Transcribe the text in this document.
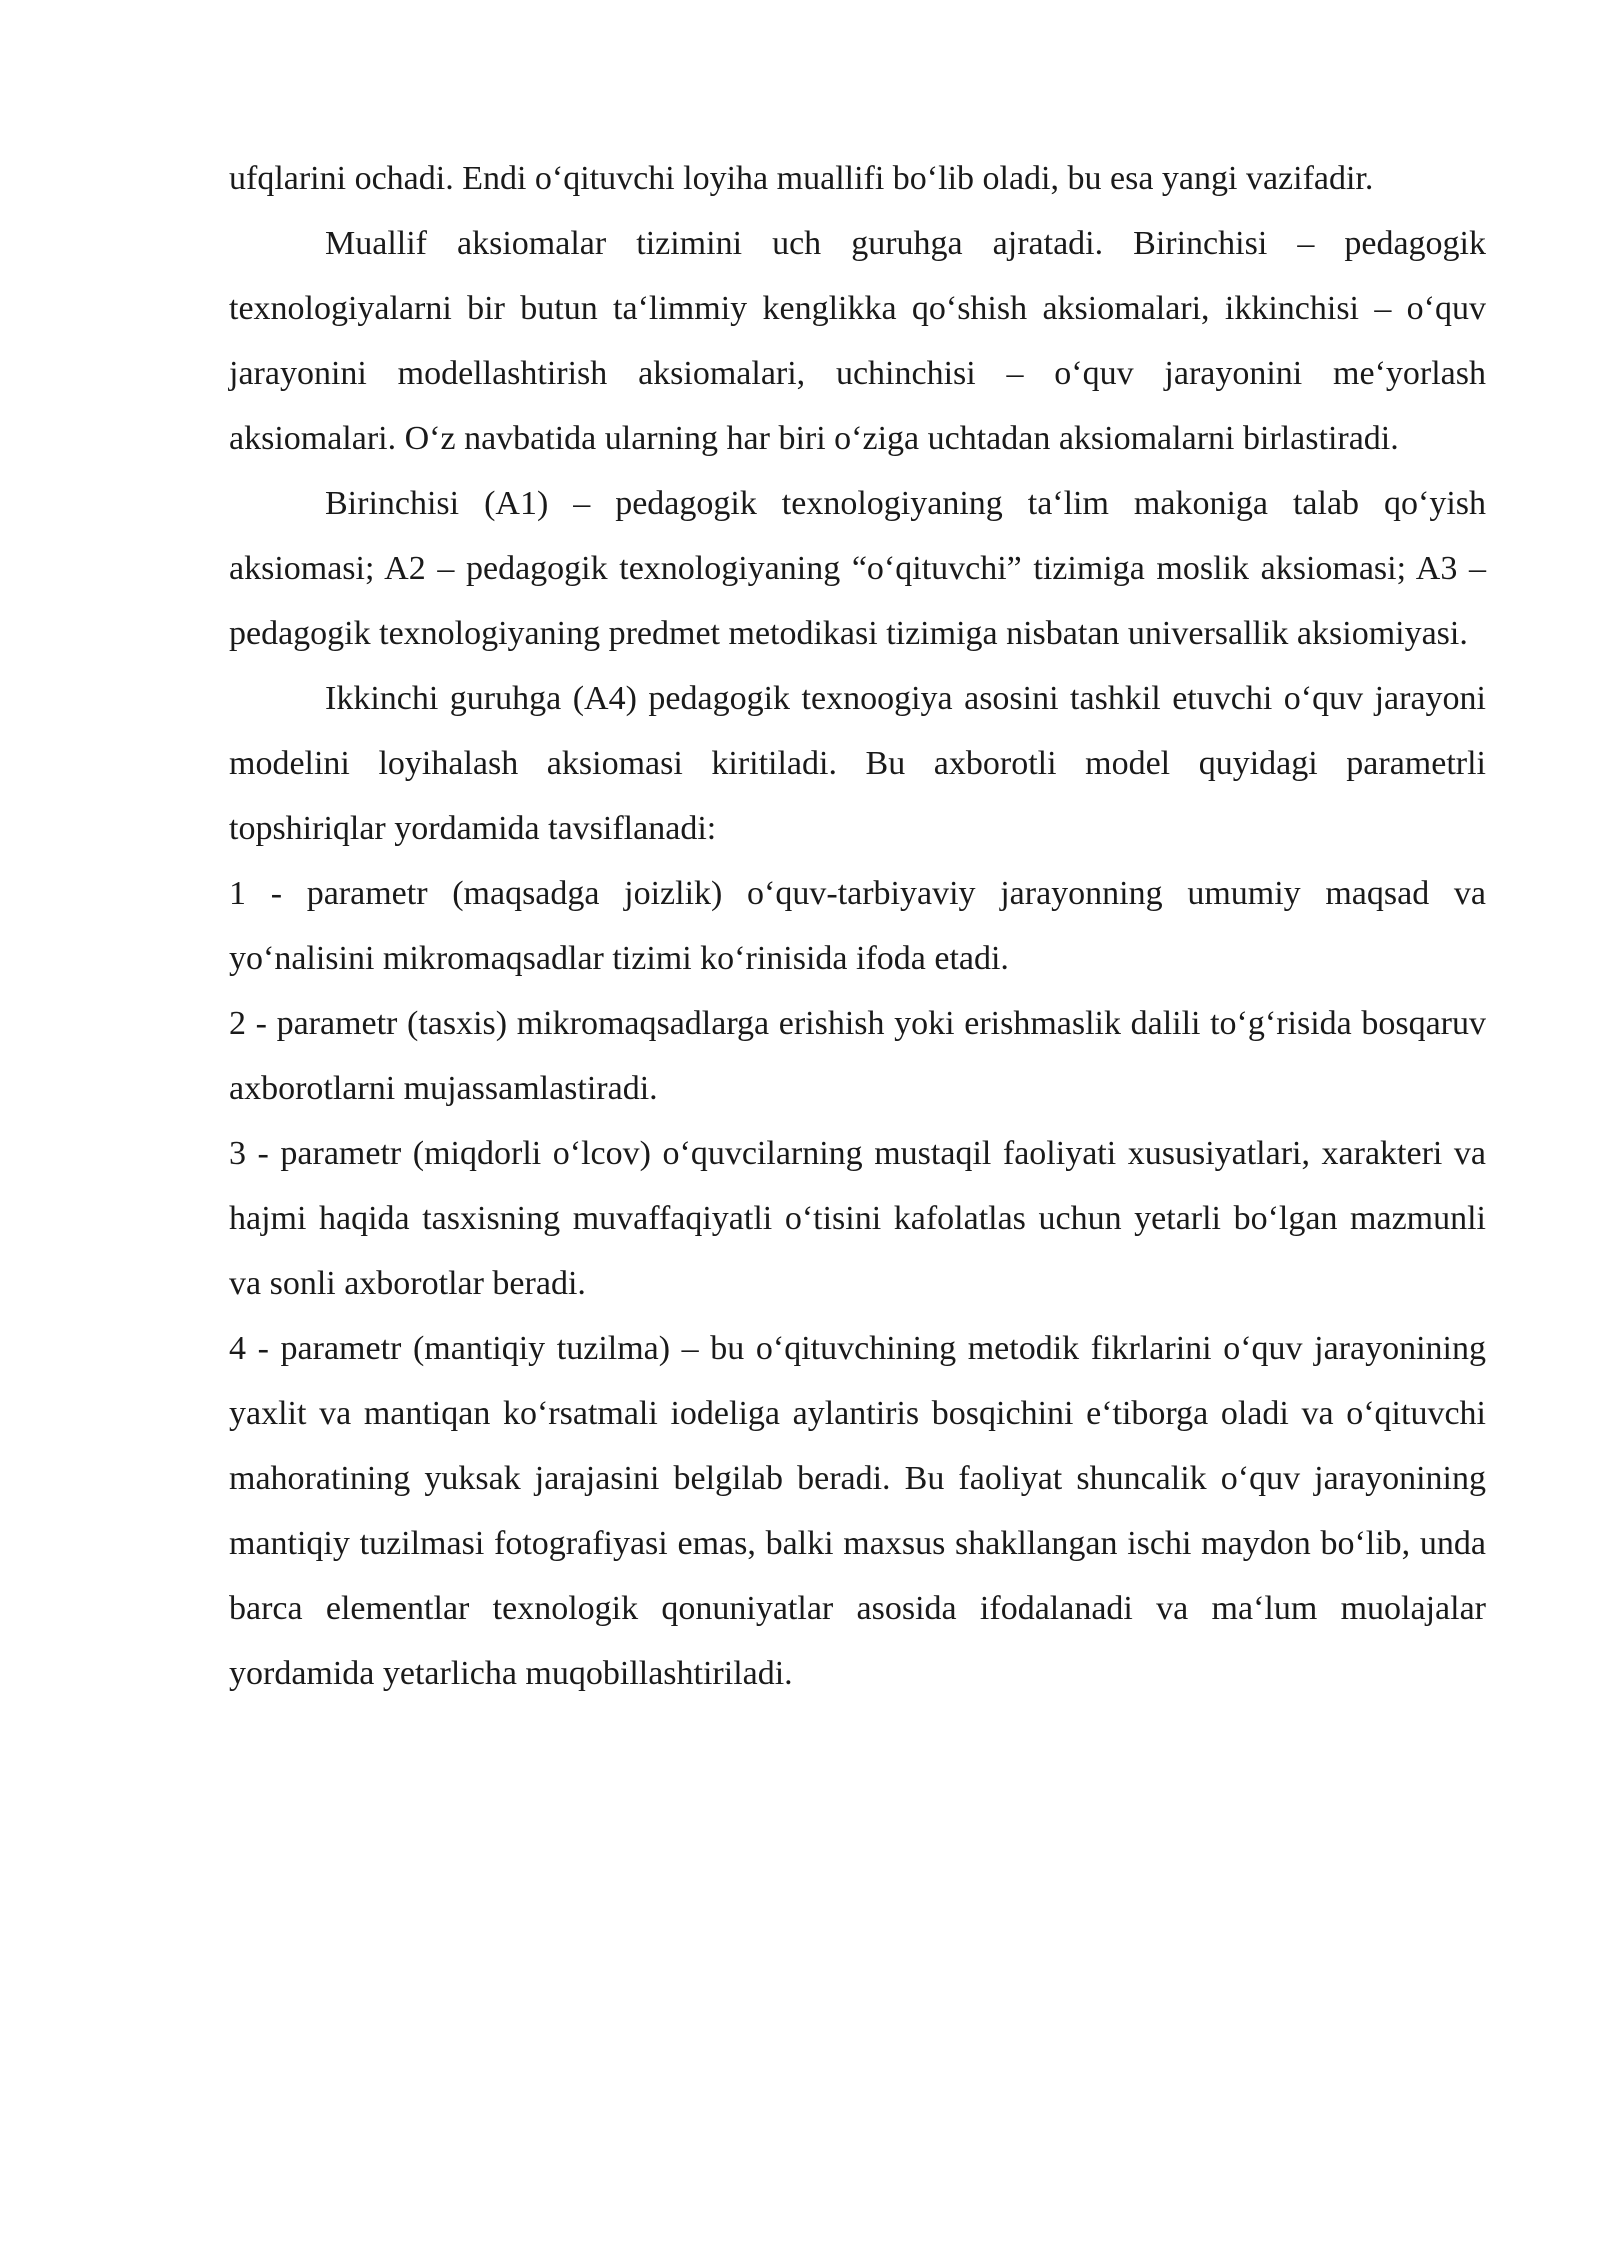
ufqlarini ochadi. Endi o‘qituvchi loyiha muallifi bo‘lib oladi, bu esa yangi vazifadir.

Muallif aksiomalar tizimini uch guruhga ajratadi. Birinchisi – pedagogik texnologiyalarni bir butun ta‘limmiy kenglikka qo‘shish aksiomalari, ikkinchisi – o‘quv jarayonini modellashtirish aksiomalari, uchinchisi – o‘quv jarayonini me‘yorlash aksiomalari. O‘z navbatida ularning har biri o‘ziga uchtadan aksiomalarni birlastiradi.

Birinchisi (A1) – pedagogik texnologiyaning ta‘lim makoniga talab qo‘yish aksiomasi; A2 – pedagogik texnologiyaning “o‘qituvchi” tizimiga moslik aksiomasi; A3 – pedagogik texnologiyaning predmet metodikasi tizimiga nisbatan universallik aksiomiyasi.

Ikkinchi guruhga (A4) pedagogik texnoogiya asosini tashkil etuvchi o‘quv jarayoni modelini loyihalash aksiomasi kiritiladi. Bu axborotli model quyidagi parametrli topshiriqlar yordamida tavsiflanadi:

1 - parametr (maqsadga joizlik) o‘quv-tarbiyaviy jarayonning umumiy maqsad va yo‘nalisini mikromaqsadlar tizimi ko‘rinisida ifoda etadi.

2 - parametr (tasxis) mikromaqsadlarga erishish yoki erishmaslik dalili to‘g‘risida bosqaruv axborotlarni mujassamlastiradi.

3 - parametr (miqdorli o‘lcov) o‘quvcilarning mustaqil faoliyati xususiyatlari, xarakteri va hajmi haqida tasxisning muvaffaqiyatli o‘tisini kafolatlas uchun yetarli bo‘lgan mazmunli va sonli axborotlar beradi.

4 - parametr (mantiqiy tuzilma) – bu o‘qituvchining metodik fikrlarini o‘quv jarayonining yaxlit va mantiqan ko‘rsatmali iodeliga aylantiris bosqichini e‘tiborga oladi va o‘qituvchi mahoratining yuksak jarajasini belgilab beradi. Bu faoliyat shuncalik o‘quv jarayonining mantiqiy tuzilmasi fotografiyasi emas, balki maxsus shakllangan ischi maydon bo‘lib, unda barca elementlar texnologik qonuniyatlar asosida ifodalanadi va ma‘lum muolajalar yordamida yetarlicha muqobillashtiriladi.
